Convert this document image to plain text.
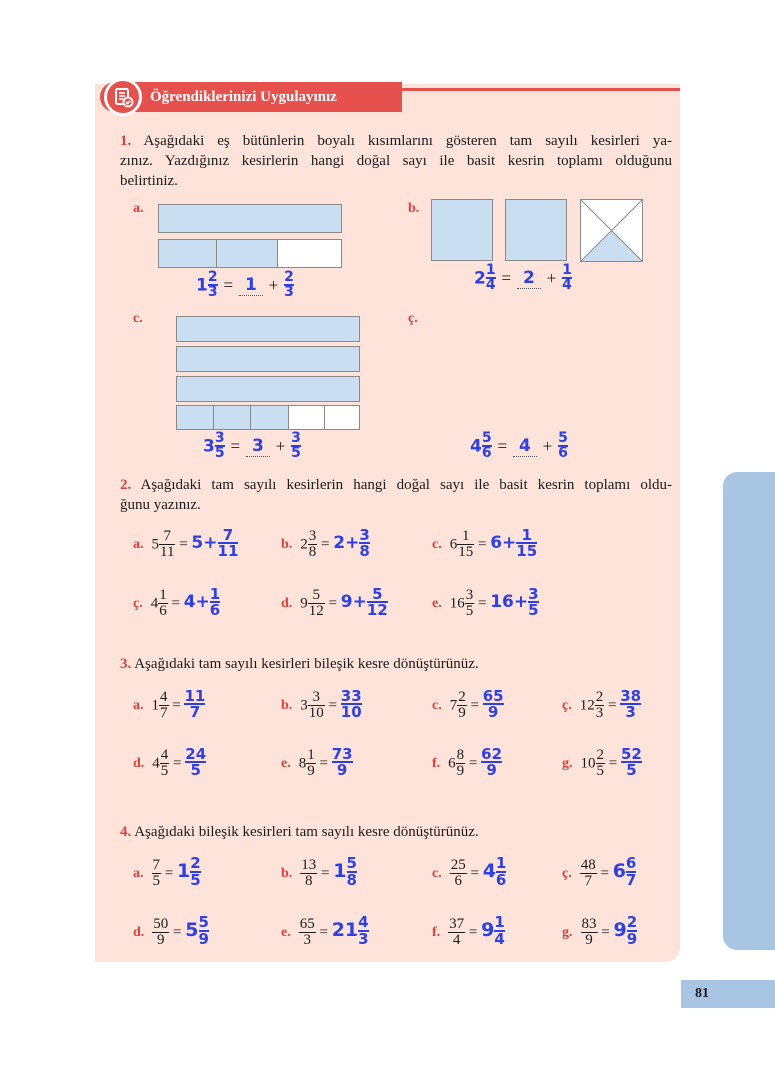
81
Öğrendiklerinizi Uygulayınız
1. Aşağıdaki eş bütünlerin boyalı kısımlarını gösteren tam sayılı kesirleri ya-
zınız. Yazdığınız kesirlerin hangi doğal sayı ile basit kesrin toplamı olduğunu
belirtiniz.
a.
$1 \frac{2}{3} = 1 + \frac{2}{3}$
b.
$2 \frac{1}{4} = 2 + \frac{1}{4}$
c.
$3 \frac{3}{5} = 3 + \frac{3}{5}$
ç.
$4 \frac{5}{6} = 4 + \frac{5}{6}$
2. Aşağıdaki tam sayılı kesirlerin hangi doğal sayı ile basit kesrin toplamı oldu-
ğunu yazınız.
a. $5 \frac{7}{11} = 5+ \frac{7}{11}$	b. $2 \frac{3}{8} = 2+ \frac{3}{8}$	c. $6 \frac{1}{15} = 6+ \frac{1}{15}$
ç. $4 \frac{1}{6} = 4+ \frac{1}{6}$	d. $9 \frac{5}{12} = 9+ \frac{5}{12}$	e. $16 \frac{3}{5} = 16+ \frac{3}{5}$
3. Aşağıdaki tam sayılı kesirleri bileşik kesre dönüştürünüz.
a. $1 \frac{4}{7} = \frac{11}{7}$	b. $3 \frac{3}{10} = \frac{33}{10}$	c. $7 \frac{2}{9} = \frac{65}{9}$	ç. $12 \frac{2}{3} = \frac{38}{3}$
d. $4 \frac{4}{5} = \frac{24}{5}$	e. $8 \frac{1}{9} = \frac{73}{9}$	f. $6 \frac{8}{9} = \frac{62}{9}$	g. $10 \frac{2}{5} = \frac{52}{5}$
4. Aşağıdaki bileşik kesirleri tam sayılı kesre dönüştürünüz.
a. $\frac{7}{5} = 1 \frac{2}{5}$	b. $\frac{13}{8} = 1 \frac{5}{8}$	c. $\frac{25}{6} = 4 \frac{1}{6}$	ç. $\frac{48}{7} = 6 \frac{6}{7}$
d. $\frac{50}{9} = 5 \frac{5}{9}$	e. $\frac{65}{3} = 21 \frac{4}{3}$	f. $\frac{37}{4} = 9 \frac{1}{4}$	g. $\frac{83}{9} = 9 \frac{2}{9}$
